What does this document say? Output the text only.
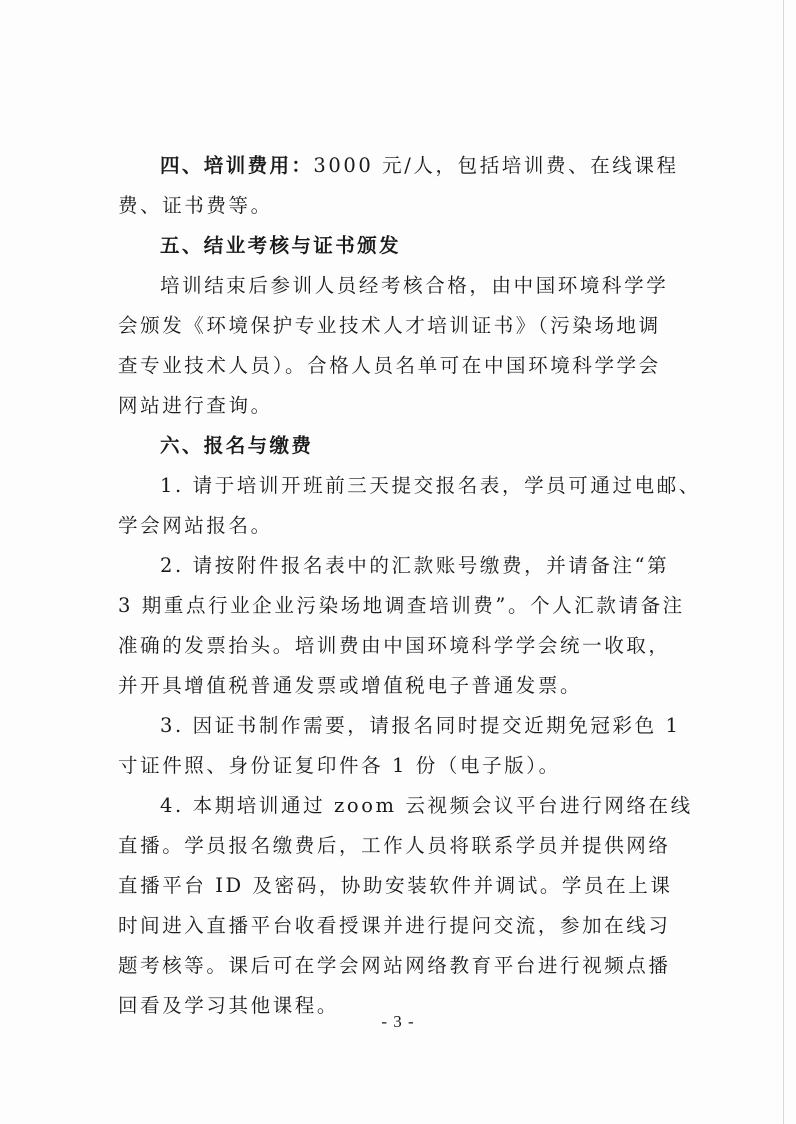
四、培训费用：3000 元/人，包括培训费、在线课程
费、证书费等。
五、结业考核与证书颁发
培训结束后参训人员经考核合格，由中国环境科学学
会颁发《环境保护专业技术人才培训证书》（污染场地调
查专业技术人员）。合格人员名单可在中国环境科学学会
网站进行查询。
六、报名与缴费
1. 请于培训开班前三天提交报名表，学员可通过电邮、
学会网站报名。
2. 请按附件报名表中的汇款账号缴费，并请备注“第
3 期重点行业企业污染场地调查培训费”。个人汇款请备注
准确的发票抬头。培训费由中国环境科学学会统一收取，
并开具增值税普通发票或增值税电子普通发票。
3. 因证书制作需要，请报名同时提交近期免冠彩色 1
寸证件照、身份证复印件各 1 份（电子版）。
4. 本期培训通过 zoom 云视频会议平台进行网络在线
直播。学员报名缴费后，工作人员将联系学员并提供网络
直播平台 ID 及密码，协助安装软件并调试。学员在上课
时间进入直播平台收看授课并进行提问交流，参加在线习
题考核等。课后可在学会网站网络教育平台进行视频点播
回看及学习其他课程。
- 3 -
